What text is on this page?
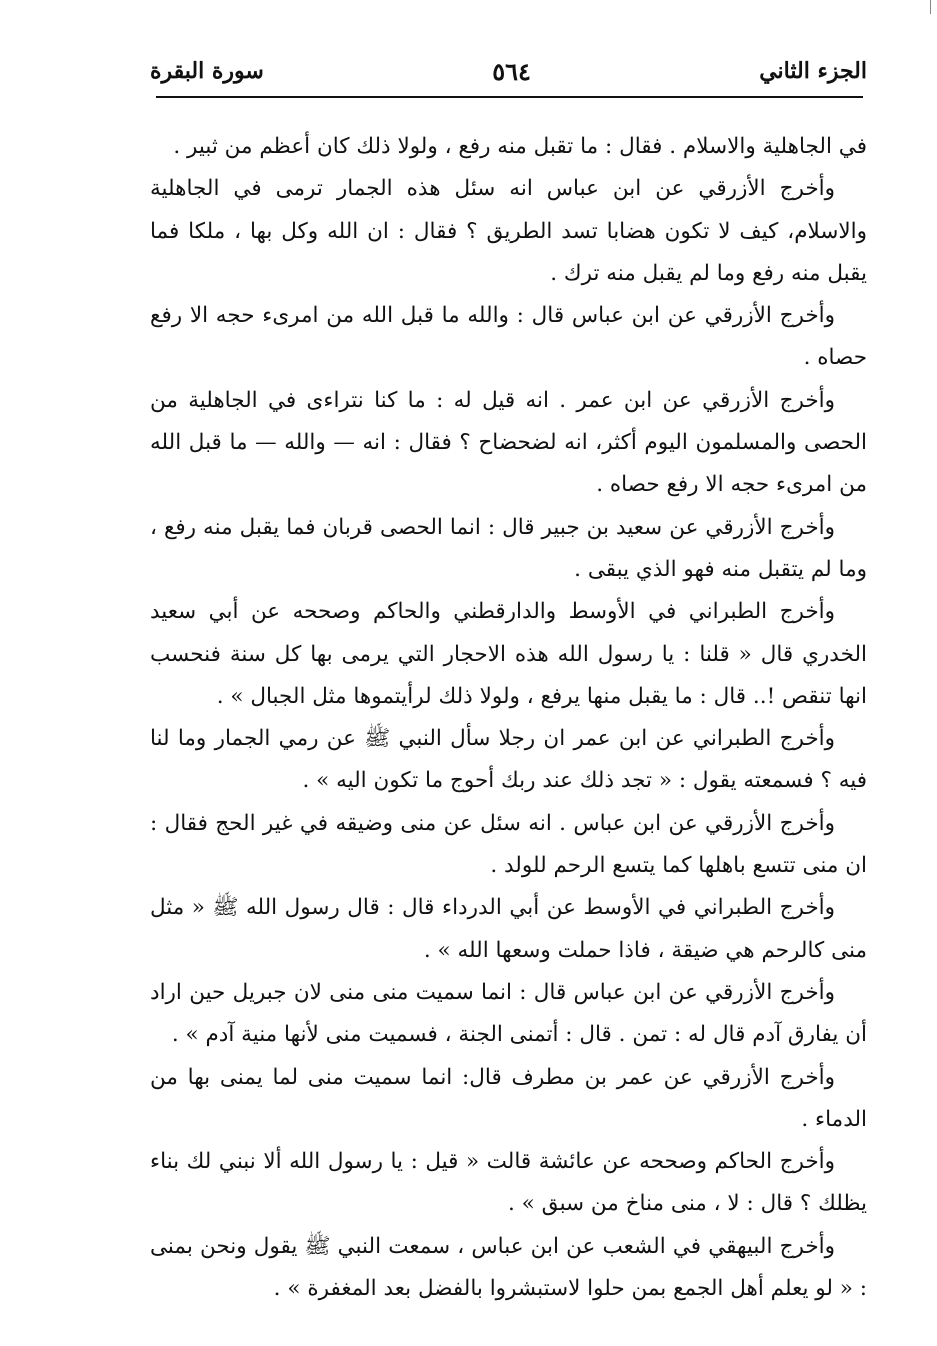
الجزء الثاني
٥٦٤
سورة البقرة

في الجاهلية والاسلام . فقال : ما تقبل منه رفع ، ولولا ذلك كان أعظم من ثبير .

وأخرج الأزرقي عن ابن عباس انه سئل هذه الجمار ترمى في الجاهلية والاسلام، كيف لا تكون هضابا تسد الطريق ؟ فقال : ان الله وكل بها ، ملكا فما يقبل منه رفع وما لم يقبل منه ترك .

وأخرج الأزرقي عن ابن عباس قال : والله ما قبل الله من امرىء حجه الا رفع حصاه .

وأخرج الأزرقي عن ابن عمر . انه قيل له : ما كنا نتراءى في الجاهلية من الحصى والمسلمون اليوم أكثر، انه لضحضاح ؟ فقال : انه — والله — ما قبل الله من امرىء حجه الا رفع حصاه .

وأخرج الأزرقي عن سعيد بن جبير قال : انما الحصى قربان فما يقبل منه رفع ، وما لم يتقبل منه فهو الذي يبقى .

وأخرج الطبراني في الأوسط والدارقطني والحاكم وصححه عن أبي سعيد الخدري قال « قلنا : يا رسول الله هذه الاحجار التي يرمى بها كل سنة فنحسب انها تنقص !.. قال : ما يقبل منها يرفع ، ولولا ذلك لرأيتموها مثل الجبال » .

وأخرج الطبراني عن ابن عمر ان رجلا سأل النبي ﷺ عن رمي الجمار وما لنا فيه ؟ فسمعته يقول : « تجد ذلك عند ربك أحوج ما تكون اليه » .

وأخرج الأزرقي عن ابن عباس . انه سئل عن منى وضيقه في غير الحج فقال : ان منى تتسع باهلها كما يتسع الرحم للولد .

وأخرج الطبراني في الأوسط عن أبي الدرداء قال : قال رسول الله ﷺ « مثل منى كالرحم هي ضيقة ، فاذا حملت وسعها الله » .

وأخرج الأزرقي عن ابن عباس قال : انما سميت منى منى لان جبريل حين اراد أن يفارق آدم قال له : تمن . قال : أتمنى الجنة ، فسميت منى لأنها منية آدم » .

وأخرج الأزرقي عن عمر بن مطرف قال: انما سميت منى لما يمنى بها من الدماء .

وأخرج الحاكم وصححه عن عائشة قالت « قيل : يا رسول الله ألا نبني لك بناء يظلك ؟ قال : لا ، منى مناخ من سبق » .

وأخرج البيهقي في الشعب عن ابن عباس ، سمعت النبي ﷺ يقول ونحن بمنى : « لو يعلم أهل الجمع بمن حلوا لاستبشروا بالفضل بعد المغفرة » .
